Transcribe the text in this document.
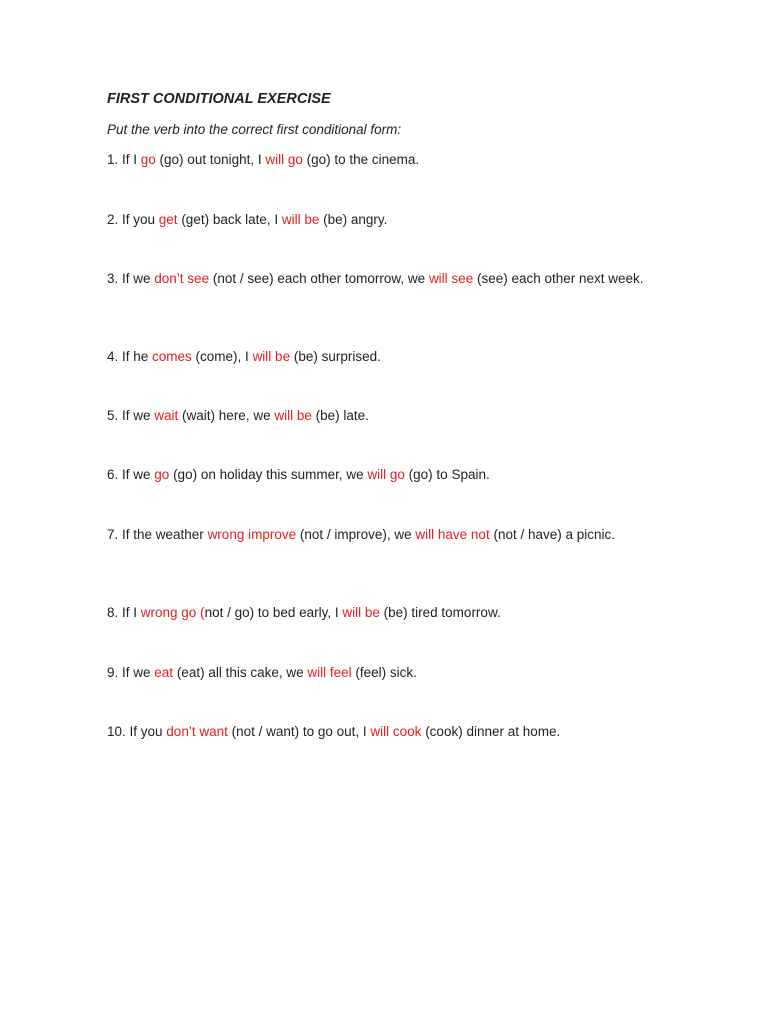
FIRST CONDITIONAL EXERCISE

Put the verb into the correct first conditional form:

1. If I go (go) out tonight, I will go (go) to the cinema.

2. If you get (get) back late, I will be (be) angry.

3. If we don’t see (not / see) each other tomorrow, we will see (see) each other next week.

4. If he comes (come), I will be (be) surprised.

5. If we wait (wait) here, we will be (be) late.

6. If we go (go) on holiday this summer, we will go (go) to Spain.

7. If the weather wrong improve (not / improve), we will have not (not / have) a picnic.

8. If I wrong go (not / go) to bed early, I will be (be) tired tomorrow.

9. If we eat (eat) all this cake, we will feel (feel) sick.

10. If you don’t want (not / want) to go out, I will cook (cook) dinner at home.
